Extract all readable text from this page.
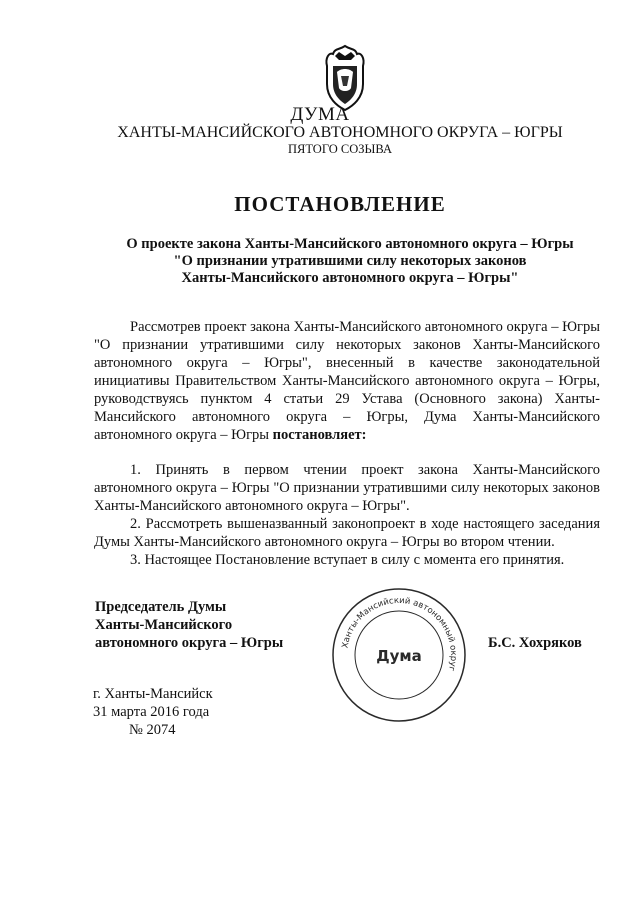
ДУМА
ХАНТЫ-МАНСИЙСКОГО АВТОНОМНОГО ОКРУГА – ЮГРЫ
ПЯТОГО СОЗЫВА
ПОСТАНОВЛЕНИЕ
О проекте закона Ханты-Мансийского автономного округа – Югры
"О признании утратившими силу некоторых законов
Ханты-Мансийского автономного округа – Югры"
Рассмотрев проект закона Ханты-Мансийского автономного округа – Югры "О признании утратившими силу некоторых законов Ханты-Мансийского автономного округа – Югры", внесенный в качестве законодательной инициативы Правительством Ханты-Мансийского автономного округа – Югры, руководствуясь пунктом 4 статьи 29 Устава (Основного закона) Ханты-Мансийского автономного округа – Югры, Дума Ханты-Мансийского автономного округа – Югры постановляет:
1. Принять в первом чтении проект закона Ханты-Мансийского автономного округа – Югры "О признании утратившими силу некоторых законов Ханты-Мансийского автономного округа – Югры".
2. Рассмотреть вышеназванный законопроект в ходе настоящего заседания Думы Ханты-Мансийского автономного округа – Югры во втором чтении.
3. Настоящее Постановление вступает в силу с момента его принятия.
Председатель Думы
Ханты-Мансийского
автономного округа – Югры	Ханты-Мансийский автономный округ
Дума
Б.С. Хохряков
г. Ханты-Мансийск
31 марта 2016 года
№ 2074
